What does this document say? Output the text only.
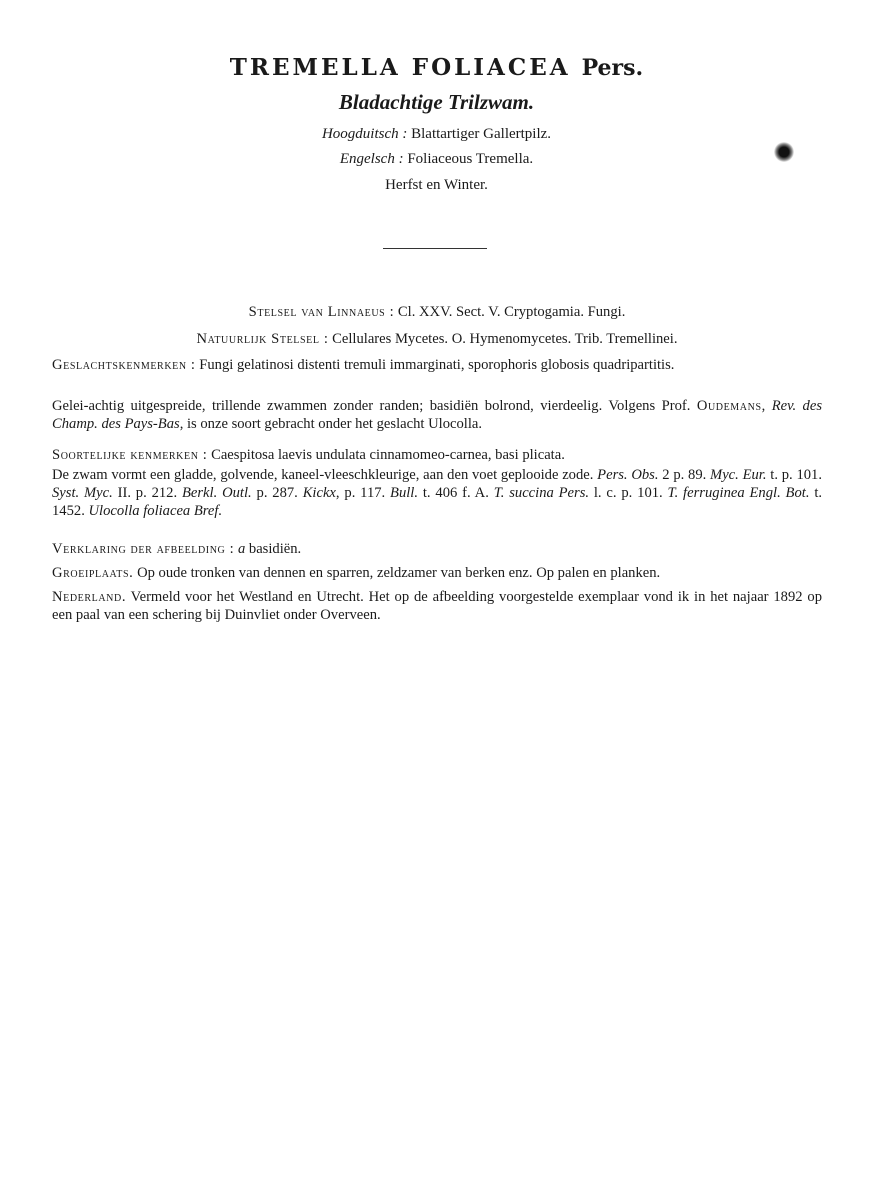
TREMELLA FOLIACEA Pers.
Bladachtige Trilzwam.
Hoogduitsch : Blattartiger Gallertpilz.
Engelsch : Foliaceous Tremella.
Herfst en Winter.
Stelsel van Linnaeus : Cl. XXV. Sect. V. Cryptogamia. Fungi.
Natuurlijk Stelsel : Cellulares Mycetes. O. Hymenomycetes. Trib. Tremellinei.
Geslachtskenmerken : Fungi gelatinosi distenti tremuli immarginati, sporophoris globosis quadripartitis.
Gelei-achtig uitgespreide, trillende zwammen zonder randen; basidiën bolrond, vierdeelig. Volgens Prof. Oudemans, Rev. des Champ. des Pays-Bas, is onze soort gebracht onder het geslacht Ulocolla.
Soortelijke kenmerken : Caespitosa laevis undulata cinnamomeo-carnea, basi plicata.
De zwam vormt een gladde, golvende, kaneel-vleeschkleurige, aan den voet geplooide zode. Pers. Obs. 2 p. 89. Myc. Eur. t. p. 101. Syst. Myc. II. p. 212. Berkl. Outl. p. 287. Kickx, p. 117. Bull. t. 406 f. A. T. succina Pers. l. c. p. 101. T. ferruginea Engl. Bot. t. 1452. Ulocolla foliacea Bref.
Verklaring der afbeelding : a basidiën.
Groeiplaats. Op oude tronken van dennen en sparren, zeldzamer van berken enz. Op palen en planken.
Nederland. Vermeld voor het Westland en Utrecht. Het op de afbeelding voorgestelde exemplaar vond ik in het najaar 1892 op een paal van een schering bij Duinvliet onder Overveen.
